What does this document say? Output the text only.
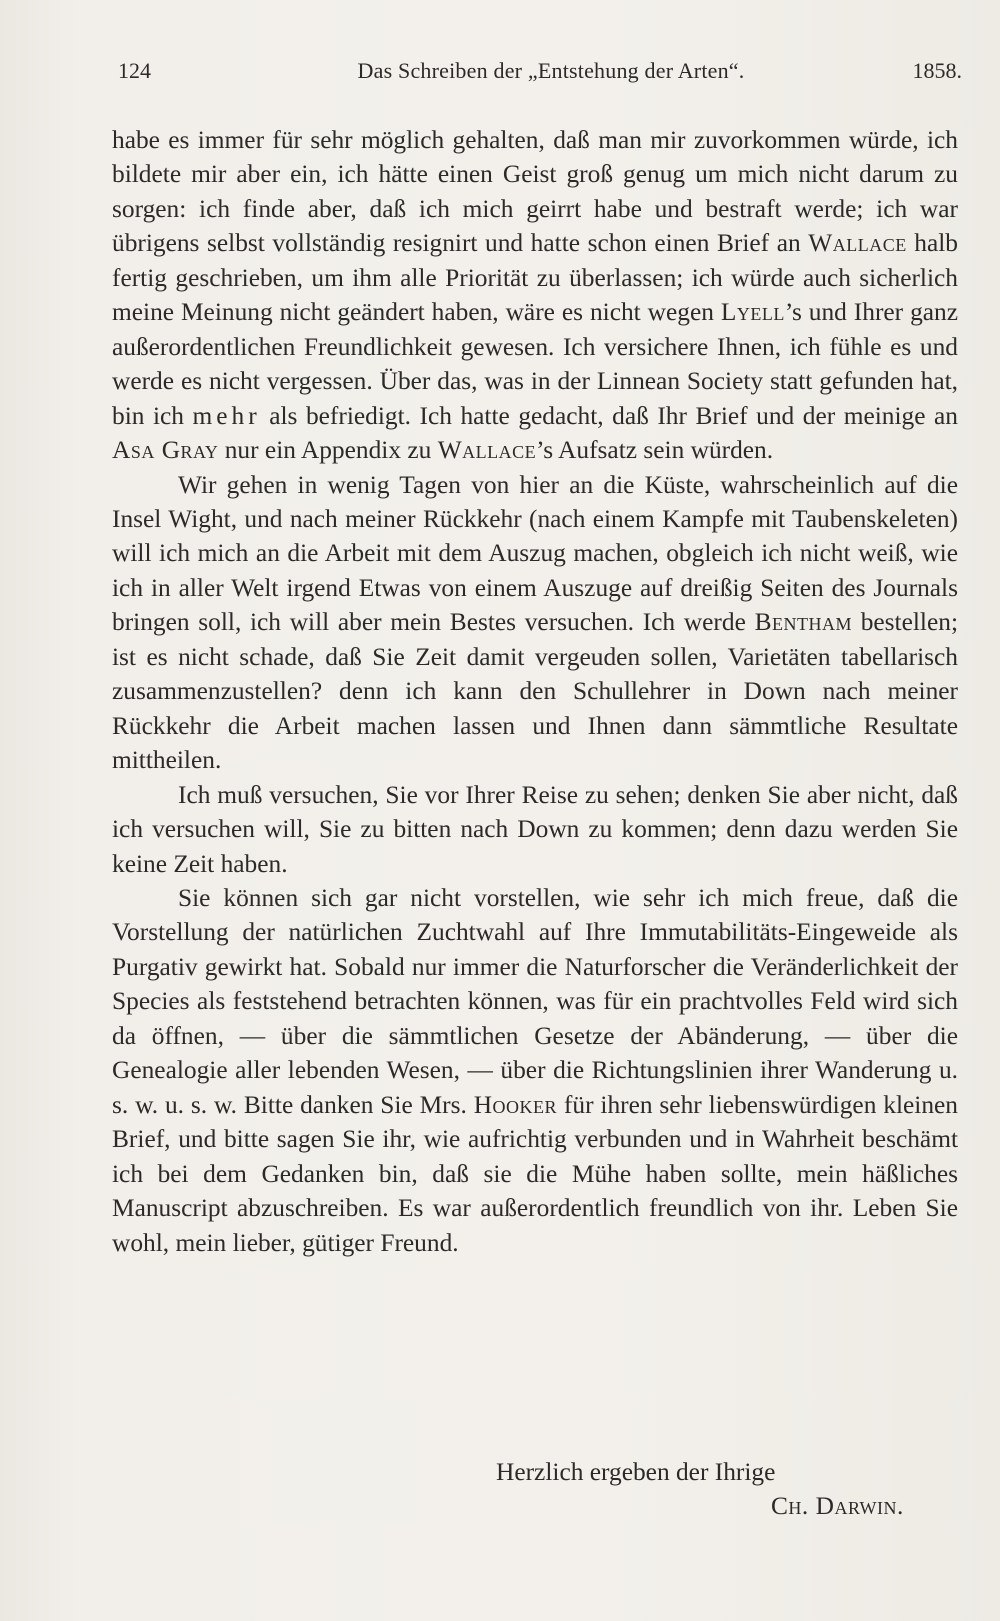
124	Das Schreiben der „Entstehung der Arten“.	1858.

habe es immer für sehr möglich gehalten, daß man mir zuvorkommen würde, ich bildete mir aber ein, ich hätte einen Geist groß genug um mich nicht darum zu sorgen: ich finde aber, daß ich mich geirrt habe und bestraft werde; ich war übrigens selbst vollständig resignirt und hatte schon einen Brief an Wallace halb fertig geschrieben, um ihm alle Priorität zu überlassen; ich würde auch sicherlich meine Meinung nicht geändert haben, wäre es nicht wegen Lyell’s und Ihrer ganz außerordentlichen Freundlichkeit gewesen. Ich versichere Ihnen, ich fühle es und werde es nicht vergessen. Über das, was in der Linnean Society statt gefunden hat, bin ich mehr als befriedigt. Ich hatte gedacht, daß Ihr Brief und der meinige an Asa Gray nur ein Appendix zu Wallace’s Aufsatz sein würden.

Wir gehen in wenig Tagen von hier an die Küste, wahrscheinlich auf die Insel Wight, und nach meiner Rückkehr (nach einem Kampfe mit Taubenskeleten) will ich mich an die Arbeit mit dem Auszug machen, obgleich ich nicht weiß, wie ich in aller Welt irgend Etwas von einem Auszuge auf dreißig Seiten des Journals bringen soll, ich will aber mein Bestes versuchen. Ich werde Bentham bestellen; ist es nicht schade, daß Sie Zeit damit vergeuden sollen, Varietäten tabellarisch zusammenzustellen? denn ich kann den Schullehrer in Down nach meiner Rückkehr die Arbeit machen lassen und Ihnen dann sämmtliche Resultate mittheilen.

Ich muß versuchen, Sie vor Ihrer Reise zu sehen; denken Sie aber nicht, daß ich versuchen will, Sie zu bitten nach Down zu kommen; denn dazu werden Sie keine Zeit haben.

Sie können sich gar nicht vorstellen, wie sehr ich mich freue, daß die Vorstellung der natürlichen Zuchtwahl auf Ihre Immutabilitäts-Eingeweide als Purgativ gewirkt hat. Sobald nur immer die Naturforscher die Veränderlichkeit der Species als feststehend betrachten können, was für ein prachtvolles Feld wird sich da öffnen, — über die sämmtlichen Gesetze der Abänderung, — über die Genealogie aller lebenden Wesen, — über die Richtungslinien ihrer Wanderung u. s. w. u. s. w. Bitte danken Sie Mrs. Hooker für ihren sehr liebenswürdigen kleinen Brief, und bitte sagen Sie ihr, wie aufrichtig verbunden und in Wahrheit beschämt ich bei dem Gedanken bin, daß sie die Mühe haben sollte, mein häßliches Manuscript abzuschreiben. Es war außerordentlich freundlich von ihr. Leben Sie wohl, mein lieber, gütiger Freund.

Herzlich ergeben der Ihrige
Ch. Darwin.
